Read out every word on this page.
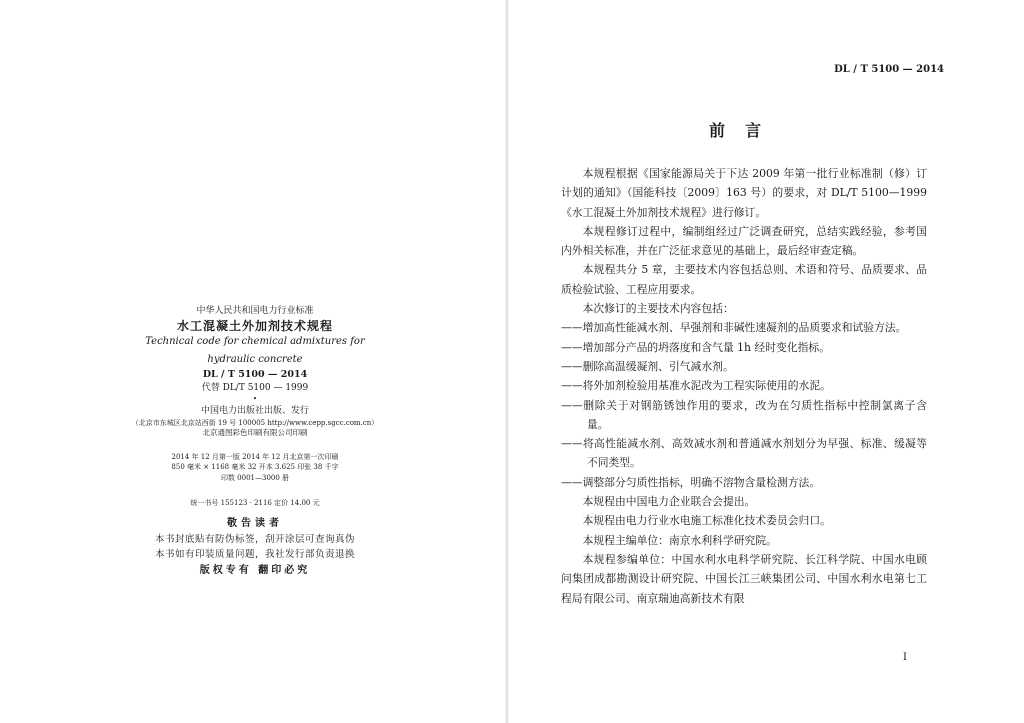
中华人民共和国电力行业标准
水工混凝土外加剂技术规程
Technical code for chemical admixtures for
hydraulic concrete
DL / T 5100 — 2014
代替 DL/T 5100 — 1999
•
中国电力出版社出版、发行
（北京市东城区北京站西街 19 号 100005 http://www.cepp.sgcc.com.cn）
北京通图彩色印刷有限公司印刷
2014 年 12 月第一版 2014 年 12 月北京第一次印刷
850 毫米 × 1168 毫米 32 开本 3.625 印张 38 千字
印数 0001—3000 册
统一书号 155123 · 2116 定价 14.00 元
敬告读者
本书封底贴有防伪标签，刮开涂层可查询真伪
本书如有印装质量问题，我社发行部负责退换
版权专有 翻印必究
DL / T 5100 — 2014
前言
本规程根据《国家能源局关于下达 2009 年第一批行业标准制（修）订计划的通知》（国能科技〔2009〕163 号）的要求，对 DL/T 5100—1999《水工混凝土外加剂技术规程》进行修订。
本规程修订过程中，编制组经过广泛调查研究，总结实践经验，参考国内外相关标准，并在广泛征求意见的基础上，最后经审查定稿。
本规程共分 5 章，主要技术内容包括总则、术语和符号、品质要求、品质检验试验、工程应用要求。
本次修订的主要技术内容包括：
——增加高性能减水剂、早强剂和非碱性速凝剂的品质要求和试验方法。
——增加部分产品的坍落度和含气量 1h 经时变化指标。
——删除高温缓凝剂、引气减水剂。
——将外加剂检验用基准水泥改为工程实际使用的水泥。
——删除关于对钢筋锈蚀作用的要求，改为在匀质性指标中控制氯离子含量。
——将高性能减水剂、高效减水剂和普通减水剂划分为早强、标准、缓凝等不同类型。
——调整部分匀质性指标，明确不溶物含量检测方法。
本规程由中国电力企业联合会提出。
本规程由电力行业水电施工标准化技术委员会归口。
本规程主编单位：南京水利科学研究院。
本规程参编单位：中国水利水电科学研究院、长江科学院、中国水电顾问集团成都勘测设计研究院、中国长江三峡集团公司、中国水利水电第七工程局有限公司、南京瑞迪高新技术有限
I
